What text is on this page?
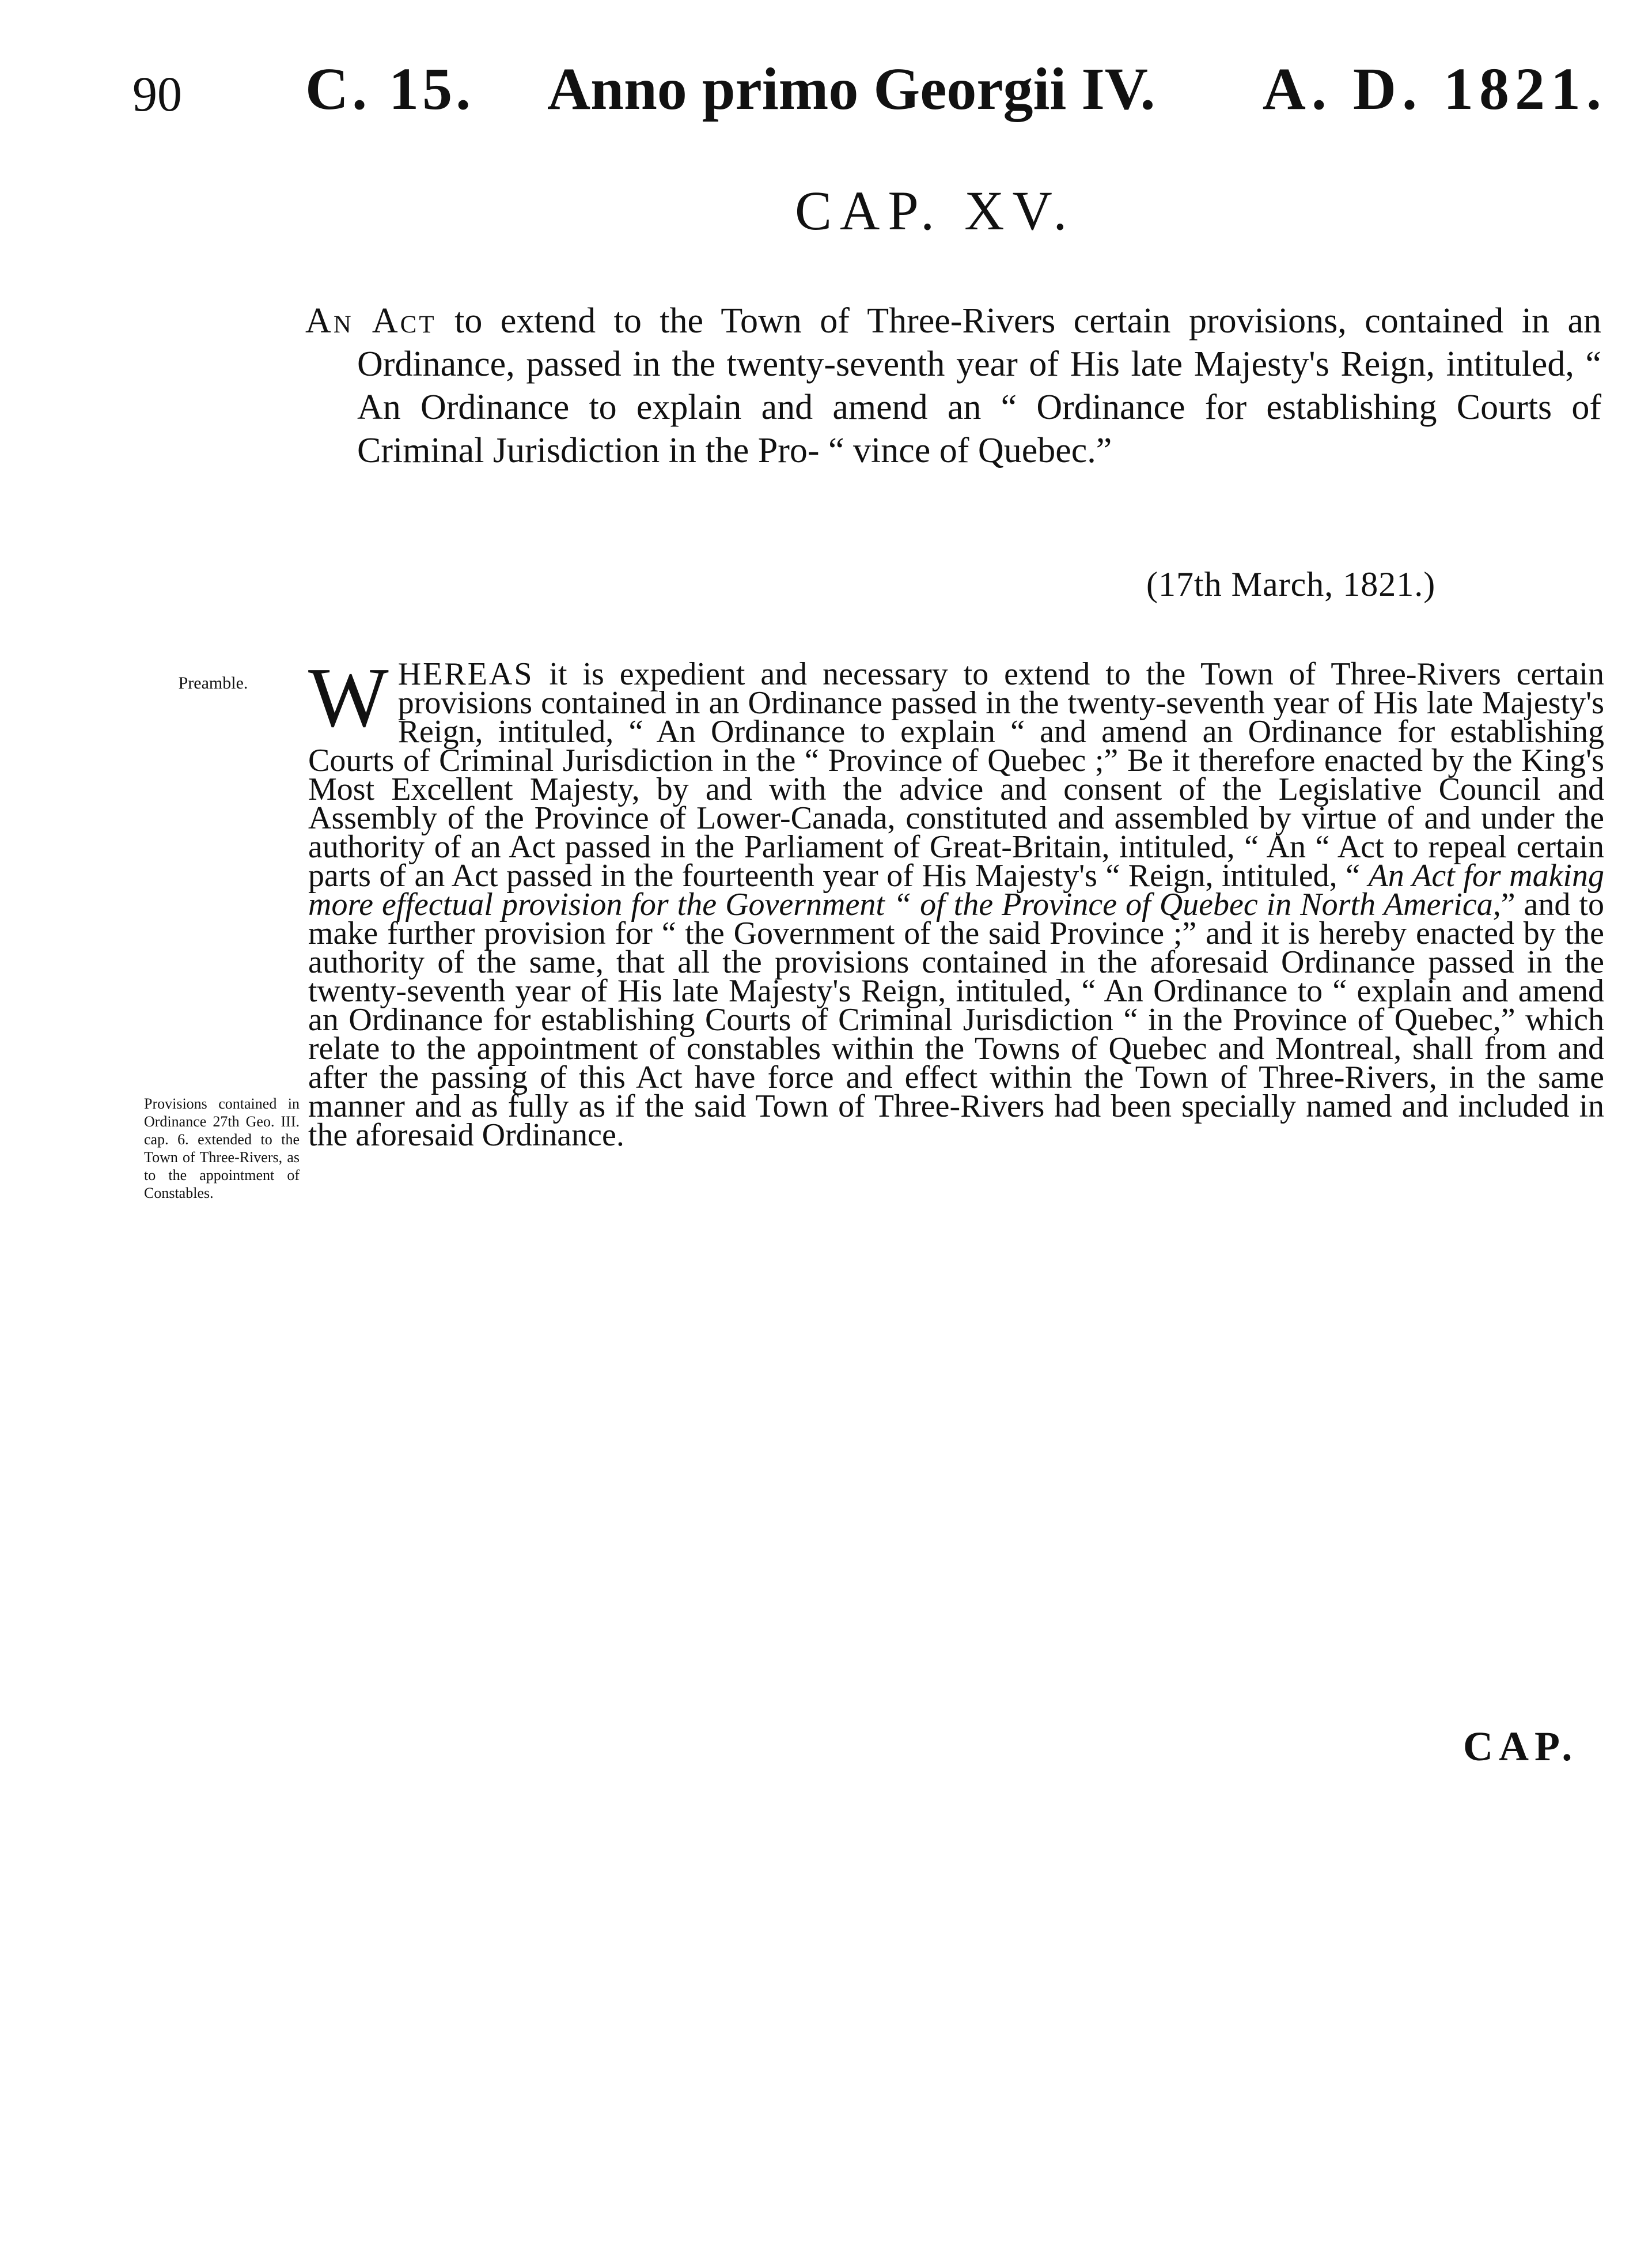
90 C. 15. Anno primo Georgii IV. A. D. 1821.
CAP. XV.
An Act to extend to the Town of Three-Rivers certain provisions, contained in an Ordinance, passed in the twenty-seventh year of His late Majesty's Reign, intituled, “ An Ordinance to explain and amend an “ Ordinance for establishing Courts of Criminal Jurisdiction in the Pro- “ vince of Quebec.”
(17th March, 1821.)
Preamble.
Provisions contained in Ordinance 27th Geo. III. cap. 6. extended to the Town of Three-Rivers, as to the appointment of Constables.
WHEREAS it is expedient and necessary to extend to the Town of Three-Rivers certain provisions contained in an Ordinance passed in the twenty-seventh year of His late Majesty's Reign, intituled, “ An Ordinance to explain “ and amend an Ordinance for establishing Courts of Criminal Jurisdiction in the “ Province of Quebec ;” Be it therefore enacted by the King's Most Excellent Majesty, by and with the advice and consent of the Legislative Council and Assembly of the Province of Lower-Canada, constituted and assembled by virtue of and under the authority of an Act passed in the Parliament of Great-Britain, intituled, “ An “ Act to repeal certain parts of an Act passed in the fourteenth year of His Majesty's “ Reign, intituled, “ An Act for making more effectual provision for the Government “ of the Province of Quebec in North America,” and to make further provision for “ the Government of the said Province ;” and it is hereby enacted by the authority of the same, that all the provisions contained in the aforesaid Ordinance passed in the twenty-seventh year of His late Majesty's Reign, intituled, “ An Ordinance to “ explain and amend an Ordinance for establishing Courts of Criminal Jurisdiction “ in the Province of Quebec,” which relate to the appointment of constables within the Towns of Quebec and Montreal, shall from and after the passing of this Act have force and effect within the Town of Three-Rivers, in the same manner and as fully as if the said Town of Three-Rivers had been specially named and included in the aforesaid Ordinance.
CAP.
